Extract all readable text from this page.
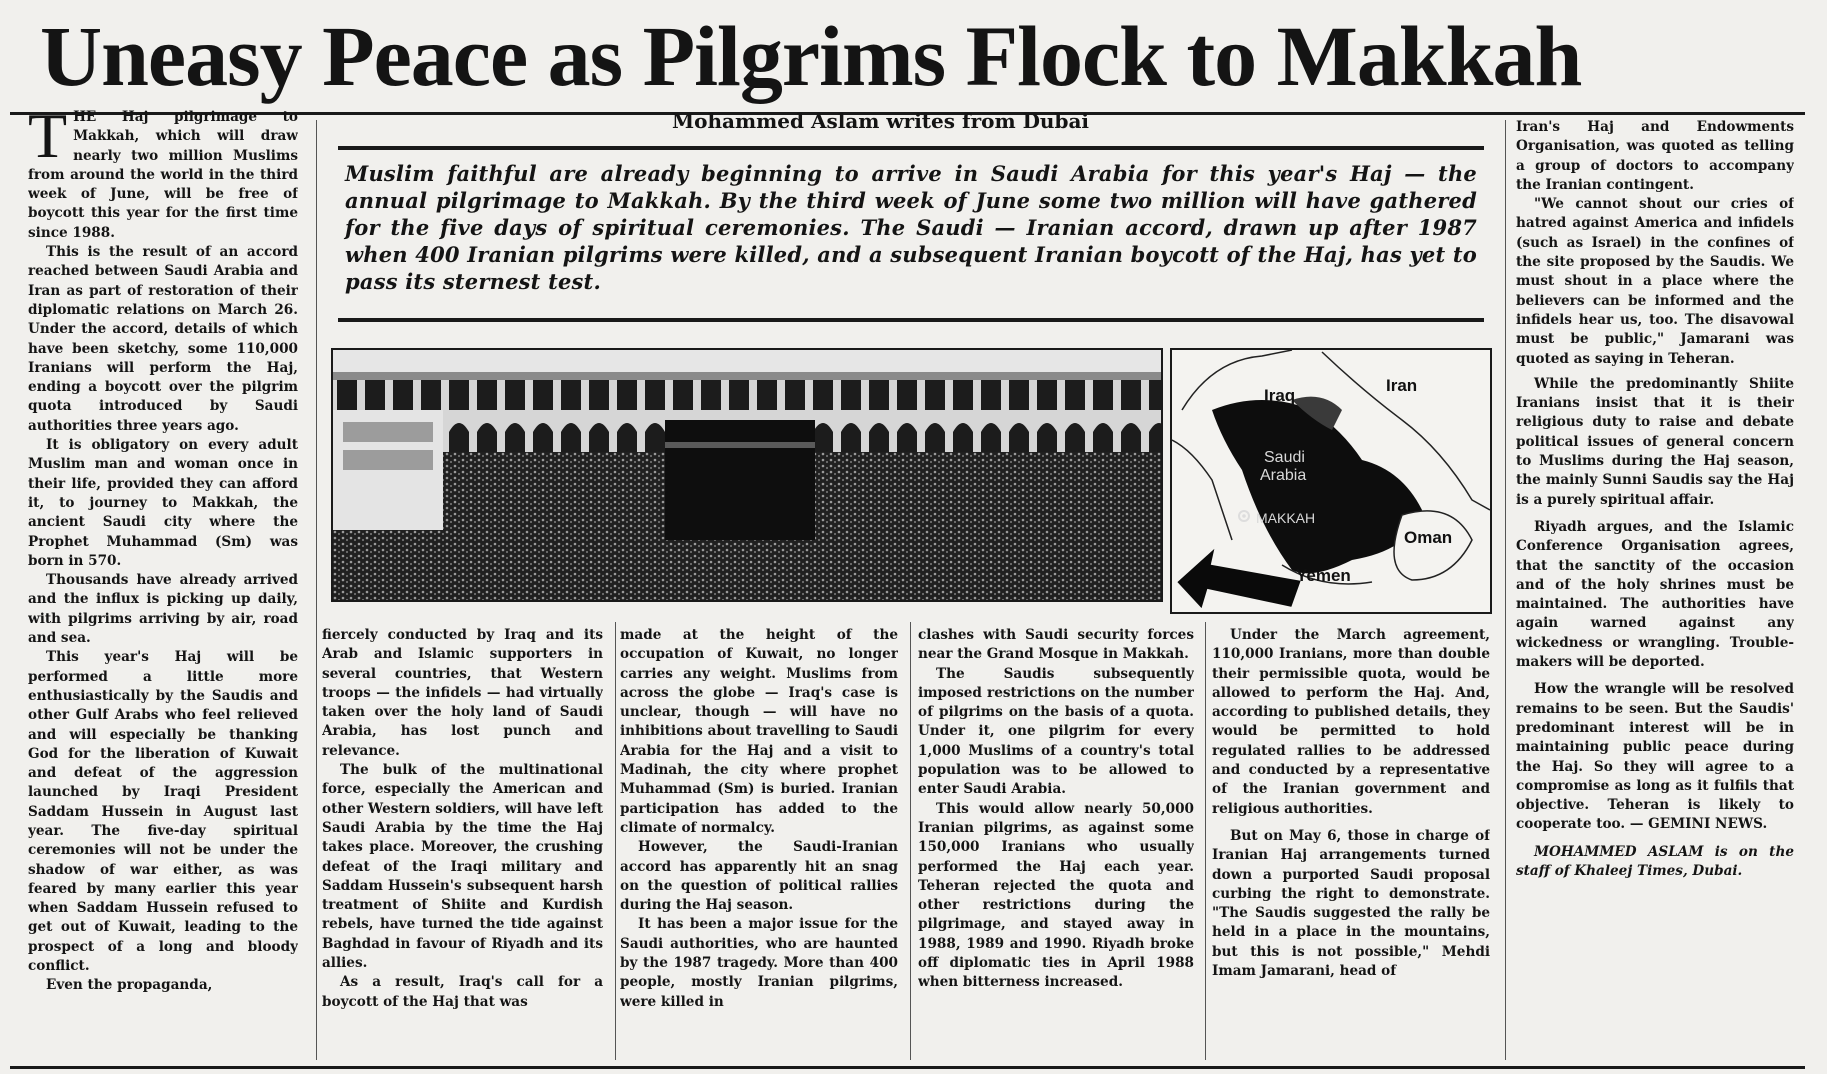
Uneasy Peace as Pilgrims Flock to Makkah
Mohammed Aslam writes from Dubai
Muslim faithful are already beginning to arrive in Saudi Arabia for this year's Haj — the annual pilgrimage to Makkah. By the third week of June some two million will have gathered for the five days of spiritual ceremonies. The Saudi — Iranian accord, drawn up after 1987 when 400 Iranian pilgrims were killed, and a subsequent Iranian boycott of the Haj, has yet to pass its sternest test.
Iraq
Iran
Saudi
Arabia
MAKKAH
Oman
Yemen

THE Haj pilgrimage to Makkah, which will draw nearly two million Muslims from around the world in the third week of June, will be free of boycott this year for the first time since 1988.

This is the result of an accord reached between Saudi Arabia and Iran as part of restoration of their diplomatic relations on March 26. Under the accord, details of which have been sketchy, some 110,000 Iranians will perform the Haj, ending a boycott over the pilgrim quota introduced by Saudi authorities three years ago.

It is obligatory on every adult Muslim man and woman once in their life, provided they can afford it, to journey to Makkah, the ancient Saudi city where the Prophet Muhammad (Sm) was born in 570.

Thousands have already arrived and the influx is picking up daily, with pilgrims arriving by air, road and sea.

This year's Haj will be performed a little more enthusiastically by the Saudis and other Gulf Arabs who feel relieved and will especially be thanking God for the liberation of Kuwait and defeat of the aggression launched by Iraqi President Saddam Hussein in August last year. The five-day spiritual ceremonies will not be under the shadow of war either, as was feared by many earlier this year when Saddam Hussein refused to get out of Kuwait, leading to the prospect of a long and bloody conflict.

Even the propaganda,

fiercely conducted by Iraq and its Arab and Islamic supporters in several countries, that Western troops — the infidels — had virtually taken over the holy land of Saudi Arabia, has lost punch and relevance.

The bulk of the multinational force, especially the American and other Western soldiers, will have left Saudi Arabia by the time the Haj takes place. Moreover, the crushing defeat of the Iraqi military and Saddam Hussein's subsequent harsh treatment of Shiite and Kurdish rebels, have turned the tide against Baghdad in favour of Riyadh and its allies.

As a result, Iraq's call for a boycott of the Haj that was

made at the height of the occupation of Kuwait, no longer carries any weight. Muslims from across the globe — Iraq's case is unclear, though — will have no inhibitions about travelling to Saudi Arabia for the Haj and a visit to Madinah, the city where prophet Muhammad (Sm) is buried. Iranian participation has added to the climate of normalcy.

However, the Saudi-Iranian accord has apparently hit an snag on the question of political rallies during the Haj season.

It has been a major issue for the Saudi authorities, who are haunted by the 1987 tragedy. More than 400 people, mostly Iranian pilgrims, were killed in

clashes with Saudi security forces near the Grand Mosque in Makkah.

The Saudis subsequently imposed restrictions on the number of pilgrims on the basis of a quota. Under it, one pilgrim for every 1,000 Muslims of a country's total population was to be allowed to enter Saudi Arabia.

This would allow nearly 50,000 Iranian pilgrims, as against some 150,000 Iranians who usually performed the Haj each year. Teheran rejected the quota and other restrictions during the pilgrimage, and stayed away in 1988, 1989 and 1990. Riyadh broke off diplomatic ties in April 1988 when bitterness increased.

Under the March agreement, 110,000 Iranians, more than double their permissible quota, would be allowed to perform the Haj. And, according to published details, they would be permitted to hold regulated rallies to be addressed and conducted by a representative of the Iranian government and religious authorities.

But on May 6, those in charge of Iranian Haj arrangements turned down a purported Saudi proposal curbing the right to demonstrate. "The Saudis suggested the rally be held in a place in the mountains, but this is not possible," Mehdi Imam Jamarani, head of

Iran's Haj and Endowments Organisation, was quoted as telling a group of doctors to accompany the Iranian contingent.

"We cannot shout our cries of hatred against America and infidels (such as Israel) in the confines of the site proposed by the Saudis. We must shout in a place where the believers can be informed and the infidels hear us, too. The disavowal must be public," Jamarani was quoted as saying in Teheran.

While the predominantly Shiite Iranians insist that it is their religious duty to raise and debate political issues of general concern to Muslims during the Haj season, the mainly Sunni Saudis say the Haj is a purely spiritual affair.

Riyadh argues, and the Islamic Conference Organisation agrees, that the sanctity of the occasion and of the holy shrines must be maintained. The authorities have again warned against any wickedness or wrangling. Trouble-makers will be deported.

How the wrangle will be resolved remains to be seen. But the Saudis' predominant interest will be in maintaining public peace during the Haj. So they will agree to a compromise as long as it fulfils that objective. Teheran is likely to cooperate too. — GEMINI NEWS.

MOHAMMED ASLAM is on the staff of Khaleej Times, Dubai.
